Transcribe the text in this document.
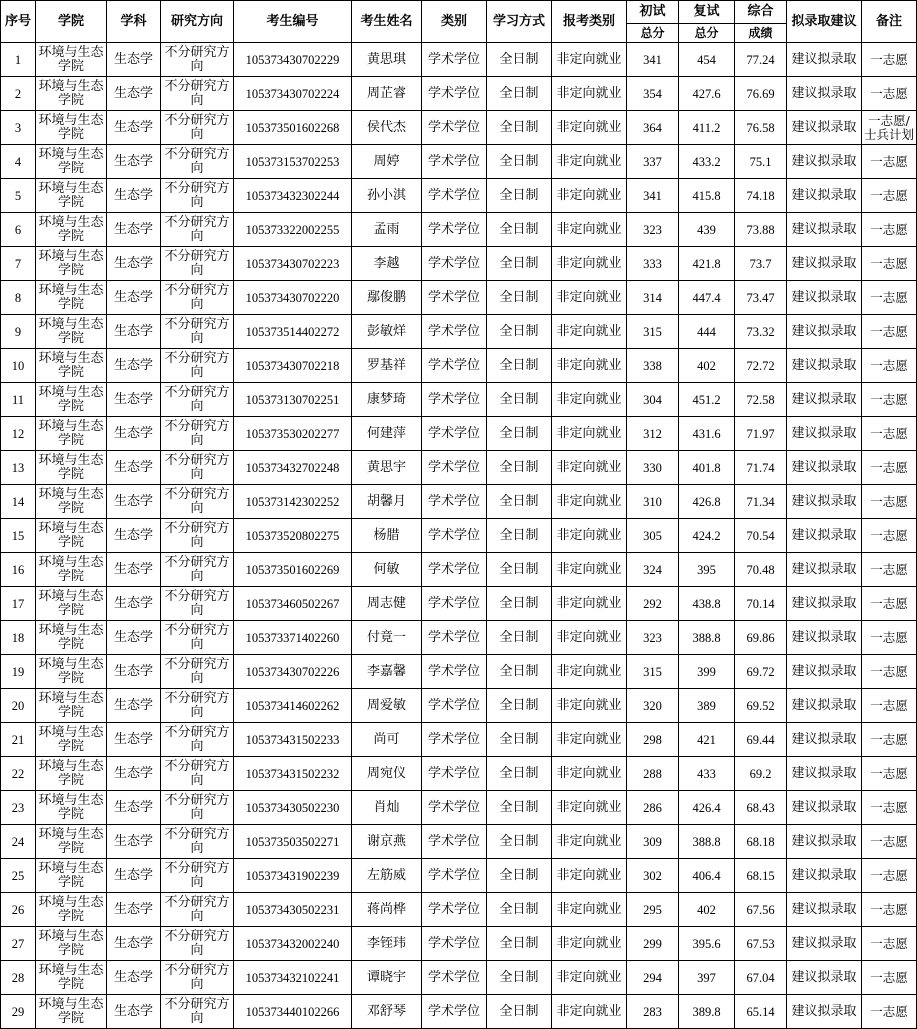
序号	学院	学科	研究方向	考生编号	考生姓名	类别	学习方式	报考类别	初试	复试	综合	拟录取建议	备注
									总分	总分	成绩		
1	环境与生态学院	生态学	不分研究方向	105373430702229	黄思琪	学术学位	全日制	非定向就业	341	454	77.24	建议拟录取	一志愿
2	环境与生态学院	生态学	不分研究方向	105373430702224	周芷睿	学术学位	全日制	非定向就业	354	427.6	76.69	建议拟录取	一志愿
3	环境与生态学院	生态学	不分研究方向	105373501602268	侯代杰	学术学位	全日制	非定向就业	364	411.2	76.58	建议拟录取	一志愿/士兵计划
4	环境与生态学院	生态学	不分研究方向	105373153702253	周婷	学术学位	全日制	非定向就业	337	433.2	75.1	建议拟录取	一志愿
5	环境与生态学院	生态学	不分研究方向	105373432302244	孙小淇	学术学位	全日制	非定向就业	341	415.8	74.18	建议拟录取	一志愿
6	环境与生态学院	生态学	不分研究方向	105373322002255	孟雨	学术学位	全日制	非定向就业	323	439	73.88	建议拟录取	一志愿
7	环境与生态学院	生态学	不分研究方向	105373430702223	李越	学术学位	全日制	非定向就业	333	421.8	73.7	建议拟录取	一志愿
8	环境与生态学院	生态学	不分研究方向	105373430702220	鄢俊鹏	学术学位	全日制	非定向就业	314	447.4	73.47	建议拟录取	一志愿
9	环境与生态学院	生态学	不分研究方向	105373514402272	彭敏烊	学术学位	全日制	非定向就业	315	444	73.32	建议拟录取	一志愿
10	环境与生态学院	生态学	不分研究方向	105373430702218	罗基祥	学术学位	全日制	非定向就业	338	402	72.72	建议拟录取	一志愿
11	环境与生态学院	生态学	不分研究方向	105373130702251	康梦琦	学术学位	全日制	非定向就业	304	451.2	72.58	建议拟录取	一志愿
12	环境与生态学院	生态学	不分研究方向	105373530202277	何建萍	学术学位	全日制	非定向就业	312	431.6	71.97	建议拟录取	一志愿
13	环境与生态学院	生态学	不分研究方向	105373432702248	黄思宇	学术学位	全日制	非定向就业	330	401.8	71.74	建议拟录取	一志愿
14	环境与生态学院	生态学	不分研究方向	105373142302252	胡馨月	学术学位	全日制	非定向就业	310	426.8	71.34	建议拟录取	一志愿
15	环境与生态学院	生态学	不分研究方向	105373520802275	杨腊	学术学位	全日制	非定向就业	305	424.2	70.54	建议拟录取	一志愿
16	环境与生态学院	生态学	不分研究方向	105373501602269	何敏	学术学位	全日制	非定向就业	324	395	70.48	建议拟录取	一志愿
17	环境与生态学院	生态学	不分研究方向	105373460502267	周志健	学术学位	全日制	非定向就业	292	438.8	70.14	建议拟录取	一志愿
18	环境与生态学院	生态学	不分研究方向	105373371402260	付竟一	学术学位	全日制	非定向就业	323	388.8	69.86	建议拟录取	一志愿
19	环境与生态学院	生态学	不分研究方向	105373430702226	李嘉馨	学术学位	全日制	非定向就业	315	399	69.72	建议拟录取	一志愿
20	环境与生态学院	生态学	不分研究方向	105373414602262	周爱敏	学术学位	全日制	非定向就业	320	389	69.52	建议拟录取	一志愿
21	环境与生态学院	生态学	不分研究方向	105373431502233	尚可	学术学位	全日制	非定向就业	298	421	69.44	建议拟录取	一志愿
22	环境与生态学院	生态学	不分研究方向	105373431502232	周宛仪	学术学位	全日制	非定向就业	288	433	69.2	建议拟录取	一志愿
23	环境与生态学院	生态学	不分研究方向	105373430502230	肖灿	学术学位	全日制	非定向就业	286	426.4	68.43	建议拟录取	一志愿
24	环境与生态学院	生态学	不分研究方向	105373503502271	谢京燕	学术学位	全日制	非定向就业	309	388.8	68.18	建议拟录取	一志愿
25	环境与生态学院	生态学	不分研究方向	105373431902239	左筋威	学术学位	全日制	非定向就业	302	406.4	68.15	建议拟录取	一志愿
26	环境与生态学院	生态学	不分研究方向	105373430502231	蒋尚桦	学术学位	全日制	非定向就业	295	402	67.56	建议拟录取	一志愿
27	环境与生态学院	生态学	不分研究方向	105373432002240	李铚玮	学术学位	全日制	非定向就业	299	395.6	67.53	建议拟录取	一志愿
28	环境与生态学院	生态学	不分研究方向	105373432102241	谭晓宇	学术学位	全日制	非定向就业	294	397	67.04	建议拟录取	一志愿
29	环境与生态学院	生态学	不分研究方向	105373440102266	邓舒琴	学术学位	全日制	非定向就业	283	389.8	65.14	建议拟录取	一志愿
